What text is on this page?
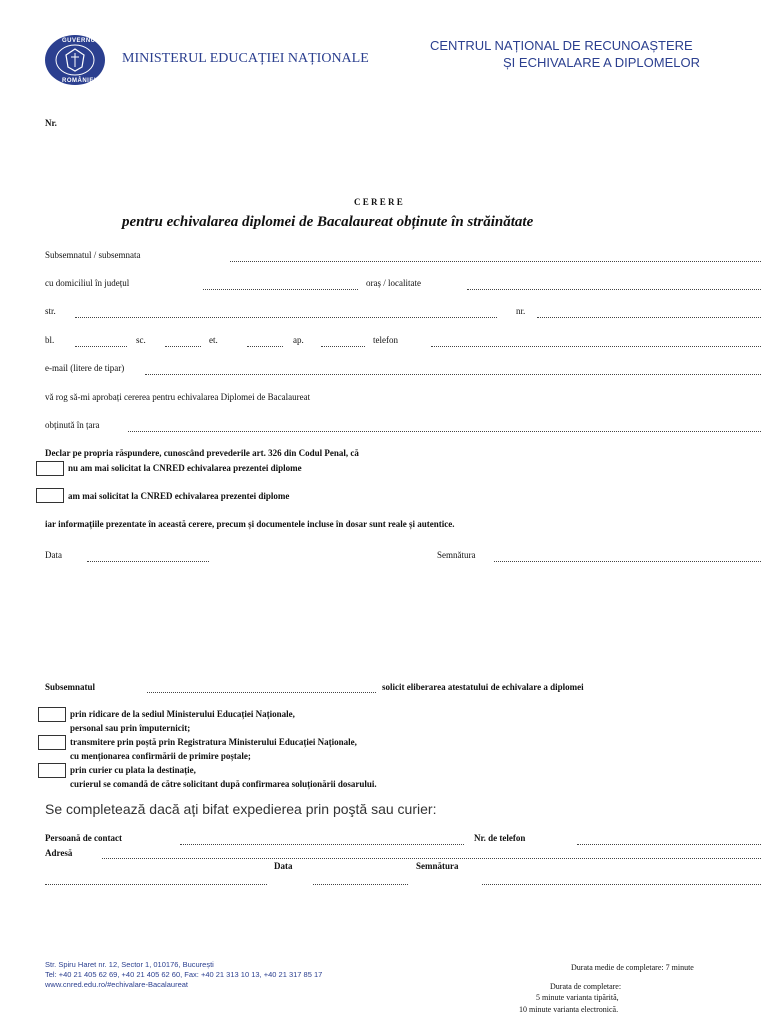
GUVERNUL
ROMÂNIEI
MINISTERUL EDUCAȚIEI NAȚIONALE
CENTRUL NAȚIONAL DE RECUNOAȘTERE
ȘI ECHIVALARE A DIPLOMELOR
Nr.
C E R E R E
pentru echivalarea diplomei de Bacalaureat obținute în străinătate
Subsemnatul / subsemnata
cu domiciliul în județul	oraș / localitate
str.	nr.
bl.	sc.	et.	ap.	telefon
e-mail (litere de tipar)
vă rog să-mi aprobați cererea pentru echivalarea Diplomei de Bacalaureat
obținută în țara
Declar pe propria răspundere, cunoscând prevederile art. 326 din Codul Penal, că
nu am mai solicitat la CNRED echivalarea prezentei diplome
am mai solicitat la CNRED echivalarea prezentei diplome
iar informațiile prezentate în această cerere, precum și documentele incluse în dosar sunt reale și autentice.
Data	Semnătura
Subsemnatul	solicit eliberarea atestatului de echivalare a diplomei
prin ridicare de la sediul Ministerului Educației Naționale,
personal sau prin împuternicit;
transmitere prin poștă prin Registratura Ministerului Educației Naționale,
cu menționarea confirmării de primire poștale;
prin curier cu plata la destinație,
curierul se comandă de către solicitant după confirmarea soluționării dosarului.
Se completează dacă ați bifat expedierea prin poştă sau curier:
Persoană de contact	Nr. de telefon
Adresă
Data	Semnătura
Str. Spiru Haret nr. 12, Sector 1, 010176, București
Tel: +40 21 405 62 69, +40 21 405 62 60, Fax: +40 21 313 10 13, +40 21 317 85 17
www.cnred.edu.ro/#echivalare-Bacalaureat
Durata medie de completare: 7 minute
Durata de completare:
5 minute varianta tipărită,
10 minute varianta electronică.
